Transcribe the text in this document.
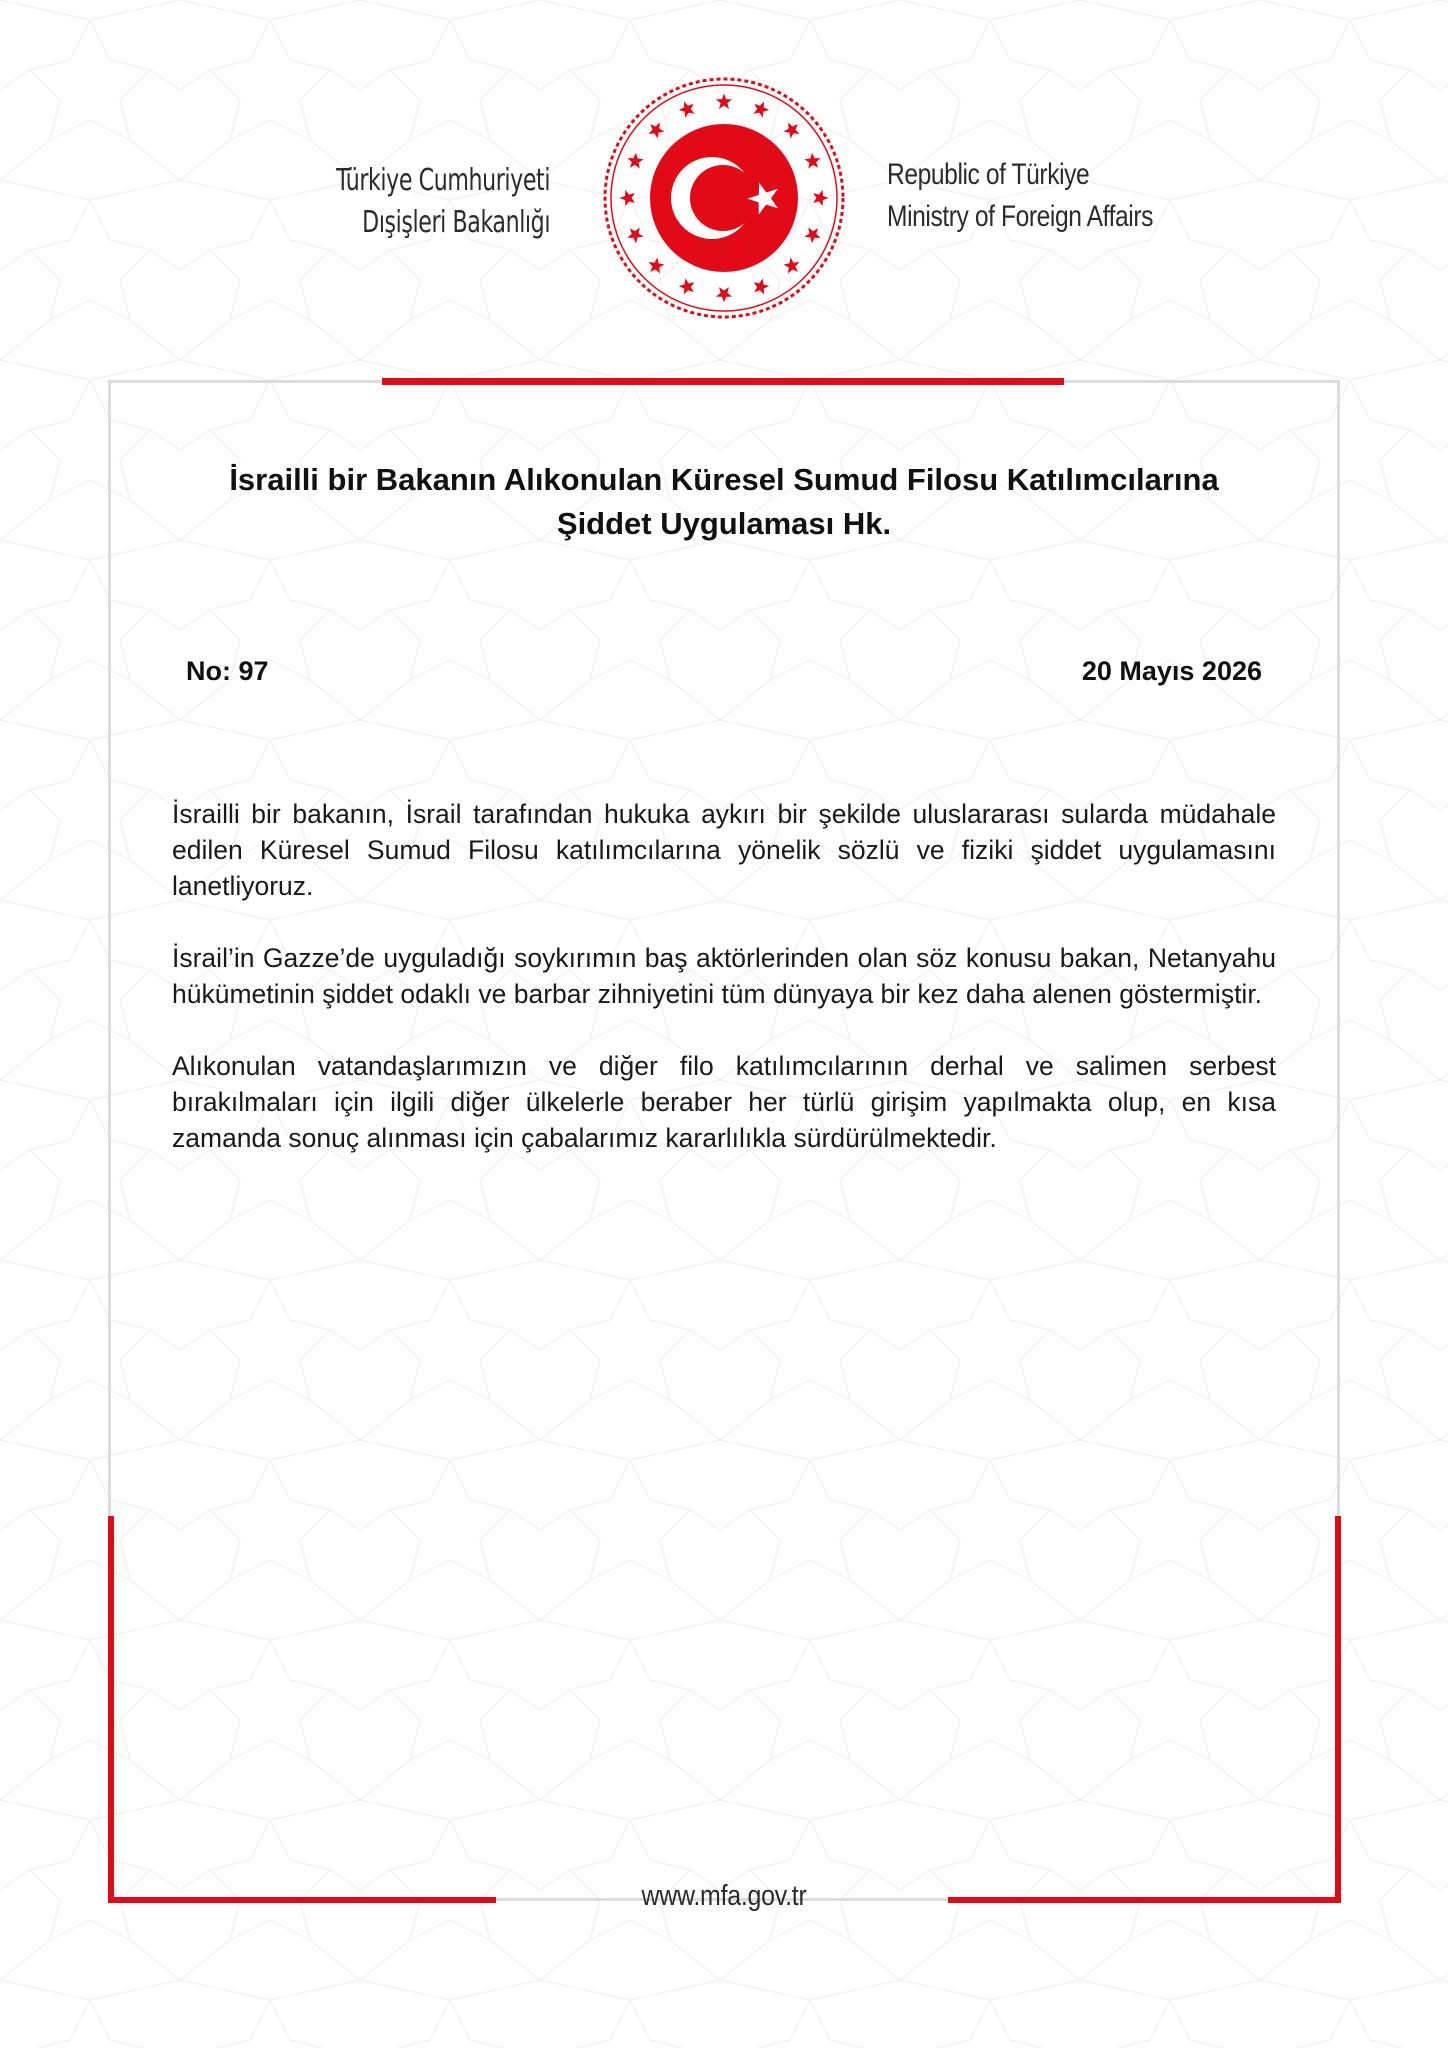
Türkiye Cumhuriyeti
Dışişleri Bakanlığı
Republic of Türkiye
Ministry of Foreign Affairs
İsrailli bir Bakanın Alıkonulan Küresel Sumud Filosu Katılımcılarına
Şiddet Uygulaması Hk.
No: 97	20 Mayıs 2026

İsrailli bir bakanın, İsrail tarafından hukuka aykırı bir şekilde uluslararası sularda müdahale edilen Küresel Sumud Filosu katılımcılarına yönelik sözlü ve fiziki şiddet uygulamasını lanetliyoruz.

İsrail’in Gazze’de uyguladığı soykırımın baş aktörlerinden olan söz konusu bakan, Netanyahu hükümetinin şiddet odaklı ve barbar zihniyetini tüm dünyaya bir kez daha alenen göstermiştir.

Alıkonulan vatandaşlarımızın ve diğer filo katılımcılarının derhal ve salimen serbest bırakılmaları için ilgili diğer ülkelerle beraber her türlü girişim yapılmakta olup, en kısa zamanda sonuç alınması için çabalarımız kararlılıkla sürdürülmektedir.

www.mfa.gov.tr
